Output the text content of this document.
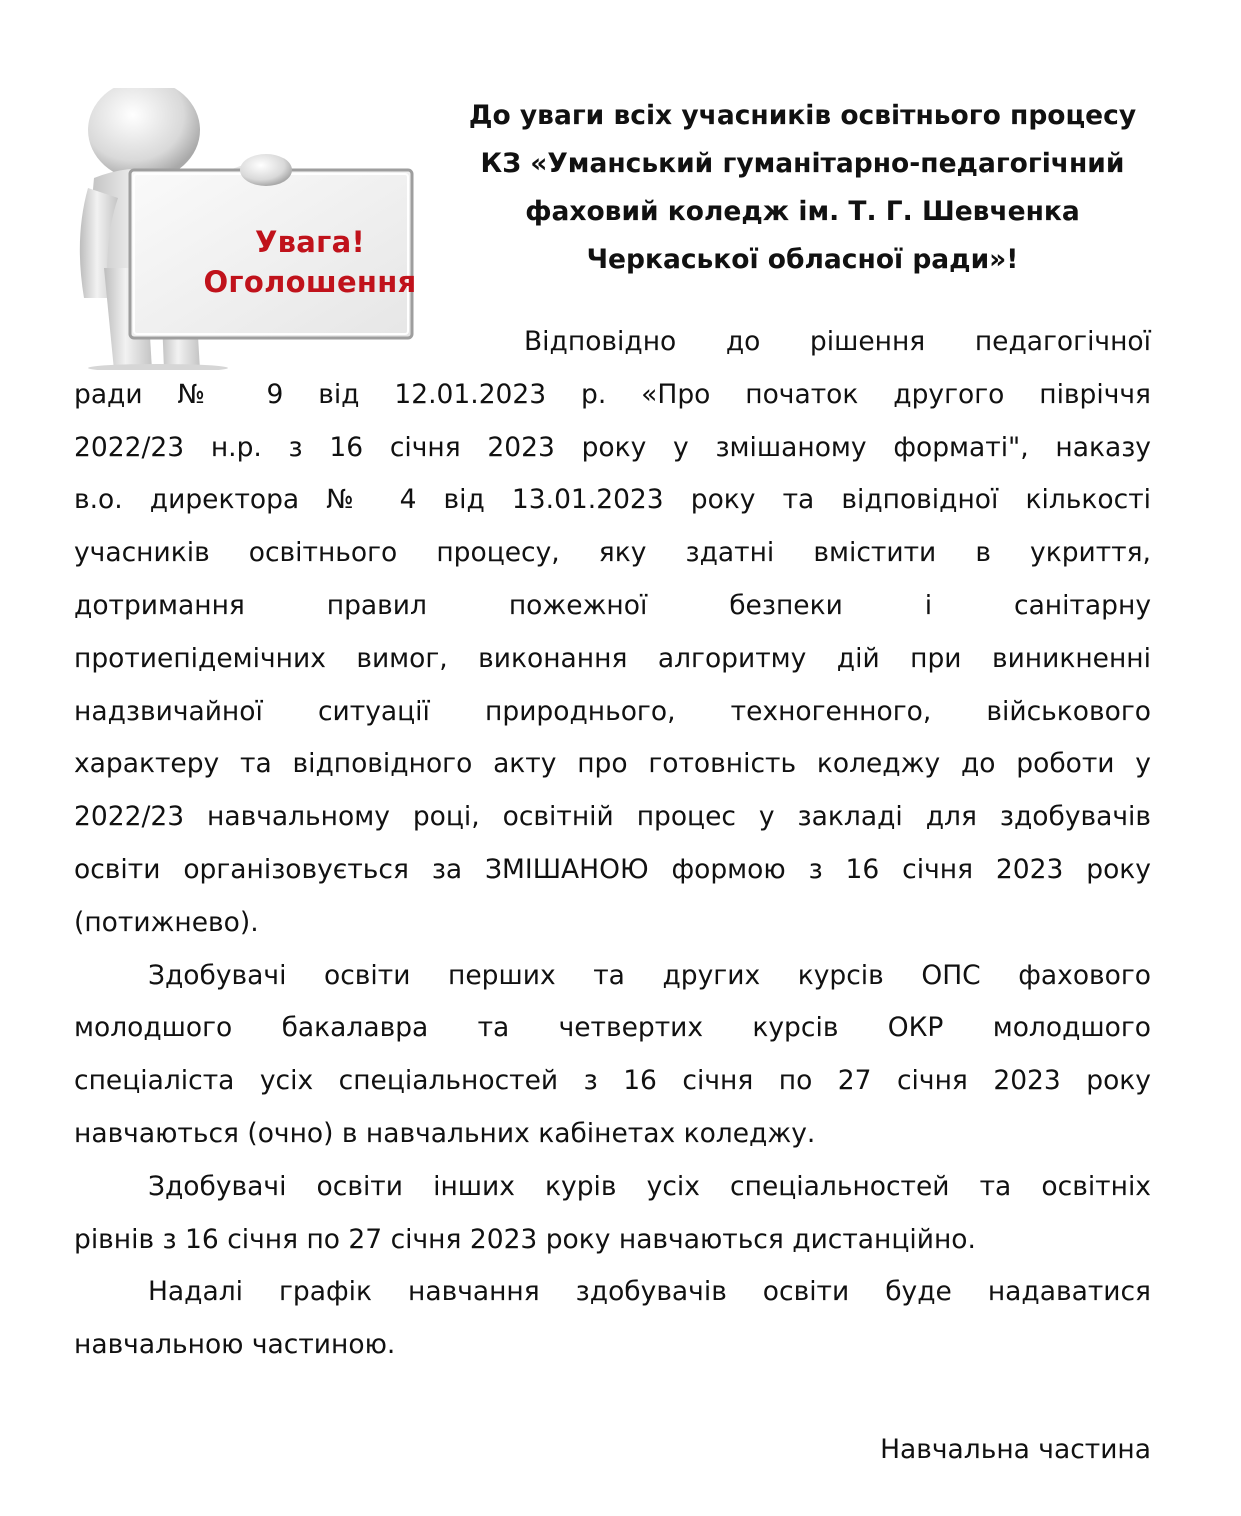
Увага!
Оголошення
До уваги всіх учасників освітнього процесу
КЗ «Уманський гуманітарно-педагогічний
фаховий коледж ім. Т. Г. Шевченка
Черкаської обласної ради»!
Відповідно до рішення педагогічної
ради № 9 від 12.01.2023 р. «Про початок другого півріччя
2022/23 н.р. з 16 січня 2023 року у змішаному форматі", наказу
в.о. директора № 4 від 13.01.2023 року та відповідної кількості
учасників освітнього процесу, яку здатні вмістити в укриття,
дотримання правил пожежної безпеки і санітарну
протиепідемічних вимог, виконання алгоритму дій при виникненні
надзвичайної ситуації природнього, техногенного, військового
характеру та відповідного акту про готовність коледжу до роботи у
2022/23 навчальному році, освітній процес у закладі для здобувачів
освіти організовується за ЗМІШАНОЮ формою з 16 січня 2023 року
(потижнево).
Здобувачі освіти перших та других курсів ОПС фахового
молодшого бакалавра та четвертих курсів ОКР молодшого
спеціаліста усіх спеціальностей з 16 січня по 27 січня 2023 року
навчаються (очно) в навчальних кабінетах коледжу.
Здобувачі освіти інших курів усіх спеціальностей та освітніх
рівнів з 16 січня по 27 січня 2023 року навчаються дистанційно.
Надалі графік навчання здобувачів освіти буде надаватися
навчальною частиною.
Навчальна частина
